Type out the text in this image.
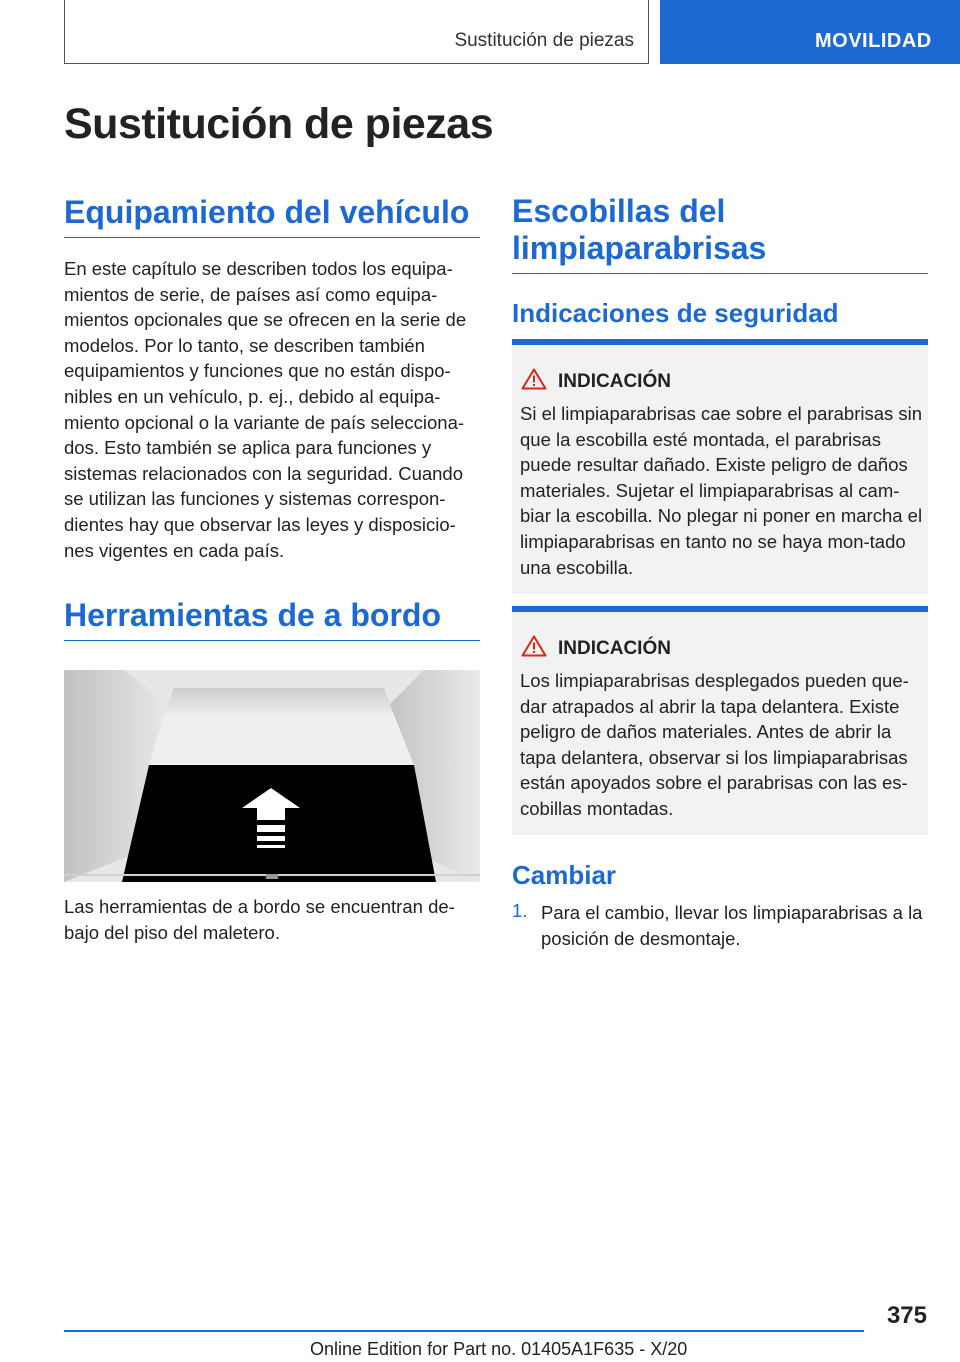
Sustitución de piezas	MOVILIDAD
Sustitución de piezas
Equipamiento del vehículo

En este capítulo se describen todos los equipa-mientos de serie, de países así como equipa-mientos opcionales que se ofrecen en la serie de modelos. Por lo tanto, se describen también equipamientos y funciones que no están dispo-nibles en un vehículo, p. ej., debido al equipa-miento opcional o la variante de país selecciona-dos. Esto también se aplica para funciones y sistemas relacionados con la seguridad. Cuando se utilizan las funciones y sistemas correspon-dientes hay que observar las leyes y disposicio-nes vigentes en cada país.

Herramientas de a bordo

Las herramientas de a bordo se encuentran de-bajo del piso del maletero.

Escobillas del limpiaparabrisas
Indicaciones de seguridad
INDICACIÓN

Si el limpiaparabrisas cae sobre el parabrisas sin que la escobilla esté montada, el parabrisas puede resultar dañado. Existe peligro de daños materiales. Sujetar el limpiaparabrisas al cam-biar la escobilla. No plegar ni poner en marcha el limpiaparabrisas en tanto no se haya mon-tado una escobilla.

INDICACIÓN

Los limpiaparabrisas desplegados pueden que-dar atrapados al abrir la tapa delantera. Existe peligro de daños materiales. Antes de abrir la tapa delantera, observar si los limpiaparabrisas están apoyados sobre el parabrisas con las es-cobillas montadas.

Cambiar
1. Para el cambio, llevar los limpiaparabrisas a la posición de desmontaje.

375
Online Edition for Part no. 01405A1F635 - X/20
